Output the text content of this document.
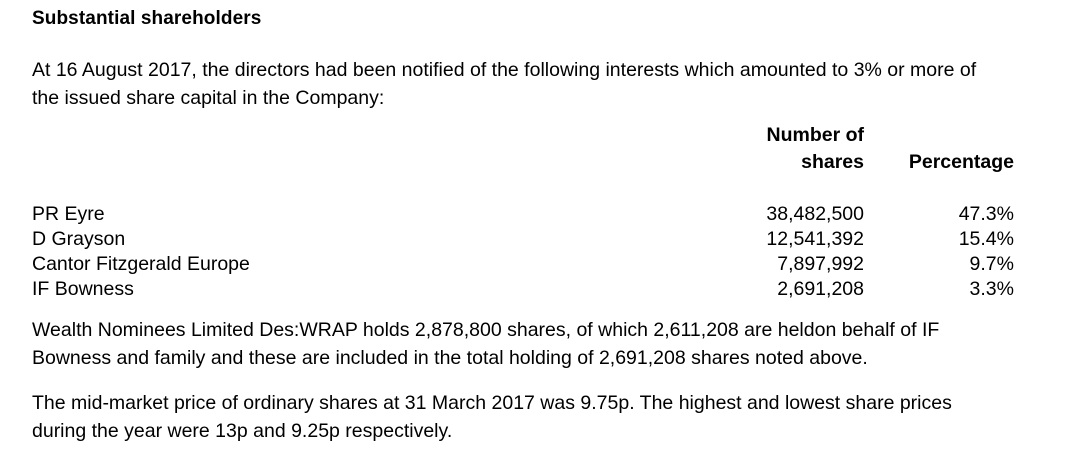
Substantial shareholders
At 16 August 2017, the directors had been notified of the following interests which amounted to 3% or more of
the issued share capital in the Company:
	Number of	
	shares	Percentage

PR Eyre	38,482,500	47.3%
D Grayson	12,541,392	15.4%
Cantor Fitzgerald Europe	7,897,992	9.7%
IF Bowness	2,691,208	3.3%
Wealth Nominees Limited Des:WRAP holds 2,878,800 shares, of which 2,611,208 are heldon behalf of IF
Bowness and family and these are included in the total holding of 2,691,208 shares noted above.
The mid-market price of ordinary shares at 31 March 2017 was 9.75p. The highest and lowest share prices
during the year were 13p and 9.25p respectively.
